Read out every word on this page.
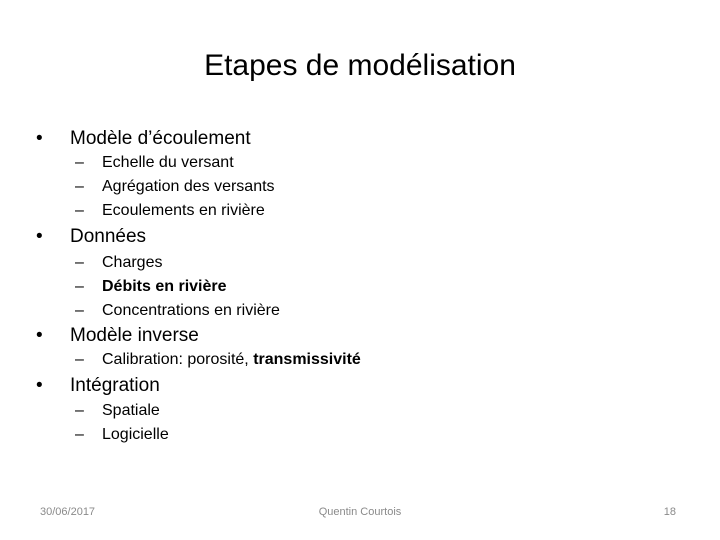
Etapes de modélisation
• Modèle d’écoulement
– Echelle du versant
– Agrégation des versants
– Ecoulements en rivière
• Données
– Charges
– Débits en rivière
– Concentrations en rivière
• Modèle inverse
– Calibration: porosité, transmissivité
• Intégration
– Spatiale
– Logicielle
30/06/2017	Quentin Courtois	18
